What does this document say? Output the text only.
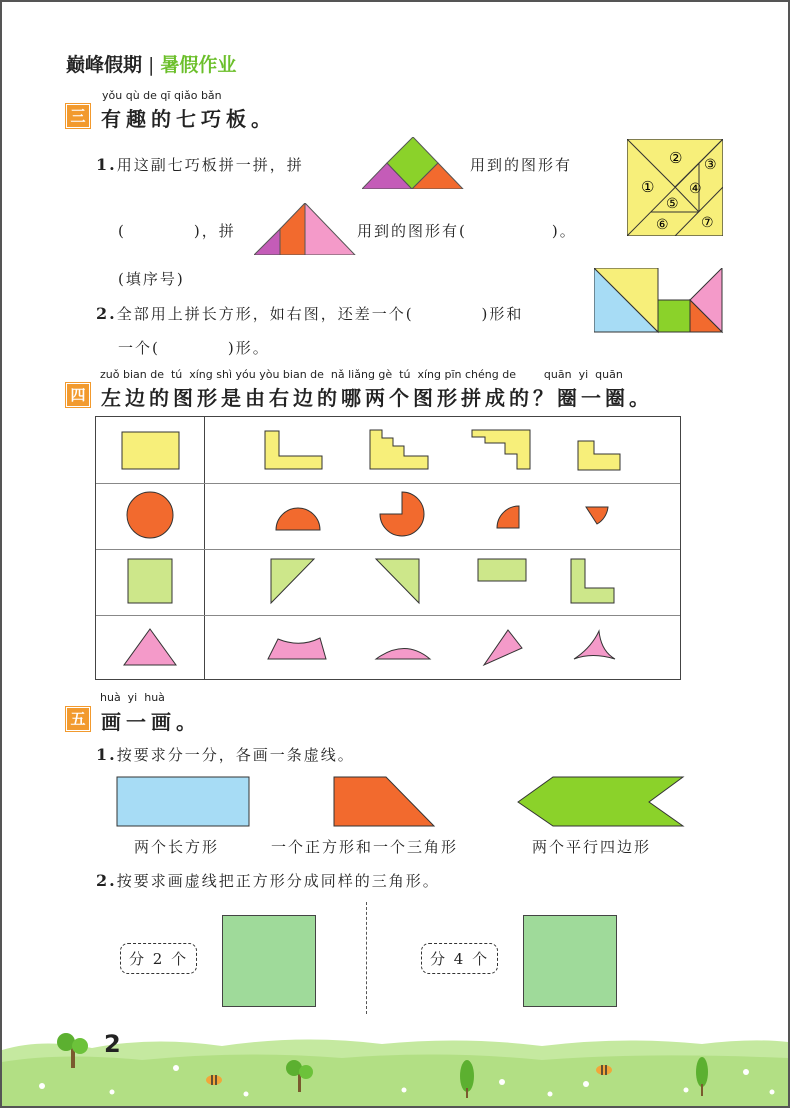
巅峰假期 | 暑假作业
yǒu qù de qī qiǎo bǎn
三 有趣的七巧板。
1.用这副七巧板拼一拼，拼	用到的图形有
(　　　　)，拼	用到的图形有(　　　　　)。
(填序号)
①
② ③
④
⑤
⑥ ⑦
2.全部用上拼长方形，如右图，还差一个(　　　　)形和
一个(　　　　)形。
zuǒ bian de  tú  xíng shì yóu yòu bian de  nǎ liǎng gè  tú  xíng pīn chéng de        quān  yi  quān
四 左边的图形是由右边的哪两个图形拼成的？圈一圈。
huà  yi  huà
五 画一画。
1.按要求分一分，各画一条虚线。
两个长方形	一个正方形和一个三角形	两个平行四边形
2.按要求画虚线把正方形分成同样的三角形。
分 2 个	分 4 个
2
